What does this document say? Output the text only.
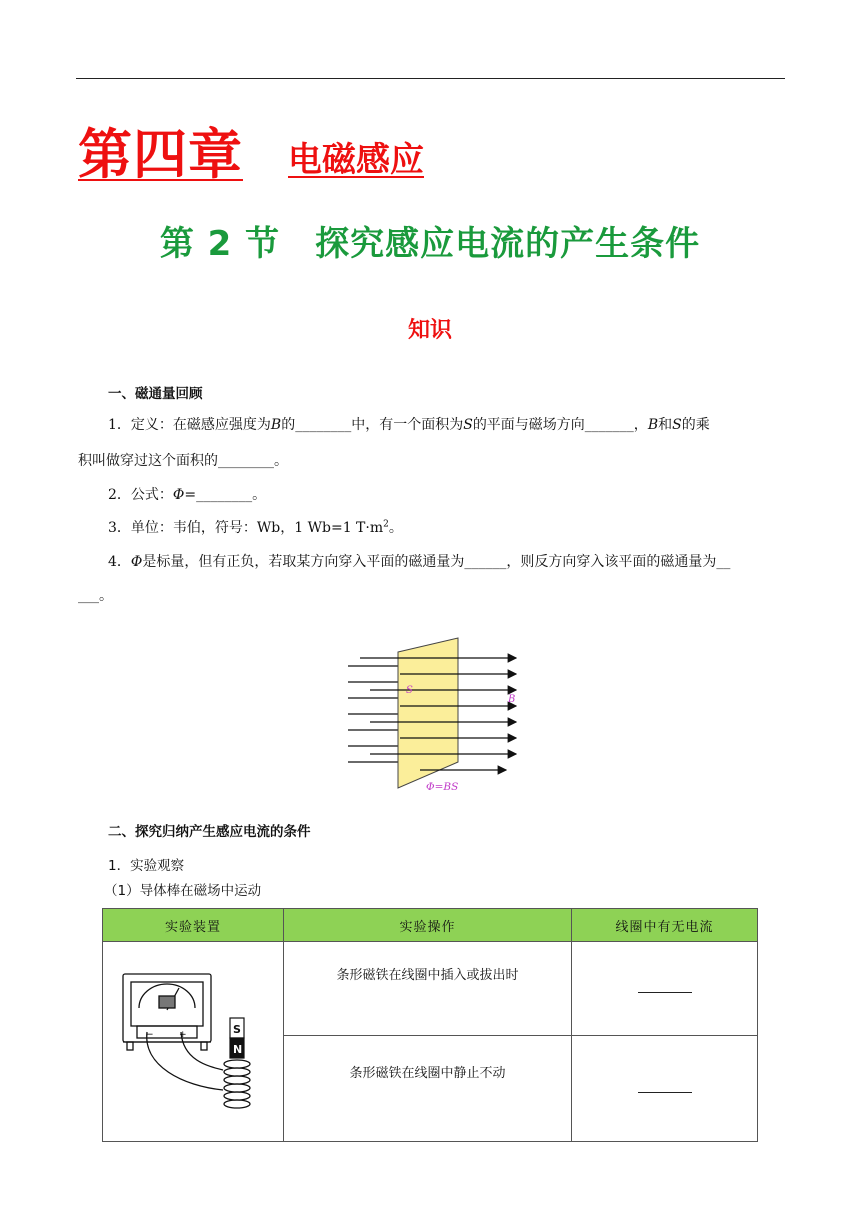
第四章 电磁感应
第 2 节　探究感应电流的产生条件
知识
一、磁通量回顾
1．定义：在磁感应强度为B的________中，有一个面积为S的平面与磁场方向_______，B和S的乘
积叫做穿过这个面积的________。
2．公式：Φ=________。
3．单位：韦伯，符号：Wb，1 Wb=1 $T\cdot m^2$。
4．Φ是标量，但有正负，若取某方向穿入平面的磁通量为______，则反方向穿入该平面的磁通量为__
___。
S
B
Φ=BS
二、探究归纳产生感应电流的条件
1．实验观察
（1）导体棒在磁场中运动
实验装置	实验操作	线圈中有无电流

− + S
N	条形磁铁在线圈中插入或拔出时	
	条形磁铁在线圈中静止不动	
